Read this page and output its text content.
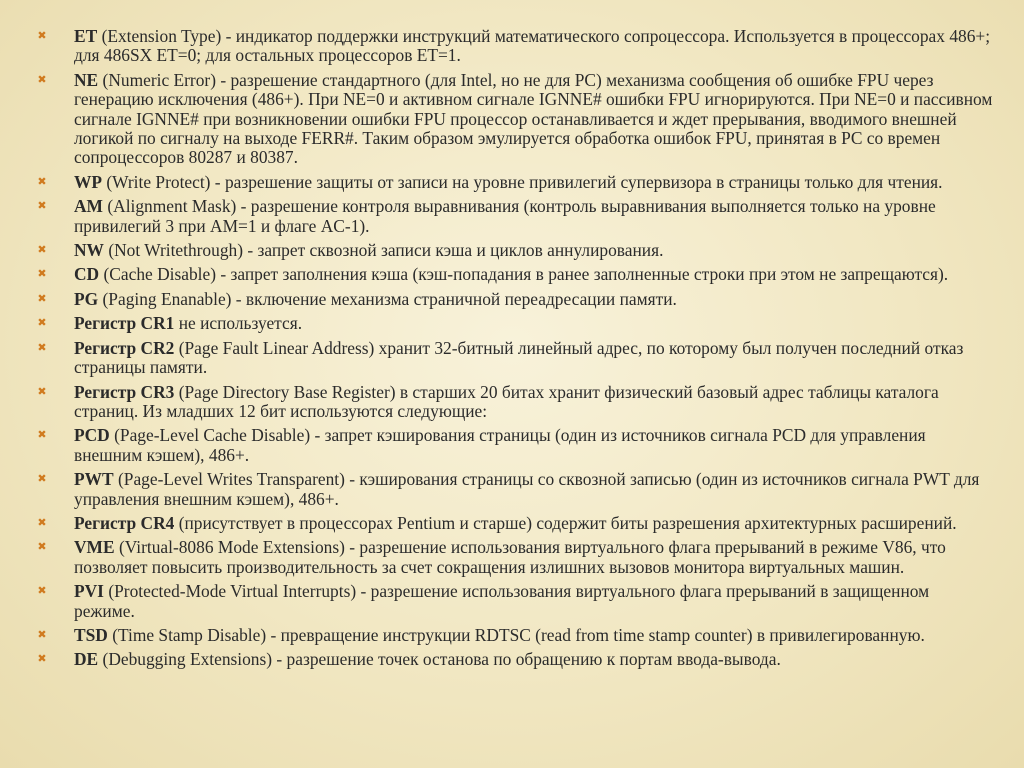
✖ ET (Extension Type) - индикатор поддержки инструкций математического сопроцессора. Используется в процессорах 486+; для 486SX ET=0; для остальных процессоров ET=1.
✖ NE (Numeric Error) - разрешение стандартного (для Intel, но не для PC) механизма сообщения об ошибке FPU через генерацию исключения (486+). При NE=0 и активном сигнале IGNNE# ошибки FPU игнорируются. При NE=0 и пассивном сигнале IGNNE# при возникновении ошибки FPU процессор останавливается и ждет прерывания, вводимого внешней логикой по сигналу на выходе FERR#. Таким образом эмулируется обработка ошибок FPU, принятая в PC со времен сопроцессоров 80287 и 80387.
✖ WP (Write Protect) - разрешение защиты от записи на уровне привилегий супервизора в страницы только для чтения.
✖ AM (Alignment Mask) - разрешение контроля выравнивания (контроль выравнивания выполняется только на уровне привилегий 3 при AM=1 и флаге AC-1).
✖ NW (Not Writethrough) - запрет сквозной записи кэша и циклов аннулирования.
✖ CD (Cache Disable) - запрет заполнения кэша (кэш-попадания в ранее заполненные строки при этом не запрещаются).
✖ PG (Paging Enanable) - включение механизма страничной переадресации памяти.
✖ Регистр CR1 не используется.
✖ Регистр CR2 (Page Fault Linear Address) хранит 32-битный линейный адрес, по которому был получен последний отказ страницы памяти.
✖ Регистр CR3 (Page Directory Base Register) в старших 20 битах хранит физический базовый адрес таблицы каталога страниц. Из младших 12 бит используются следующие:
✖ PCD (Page-Level Cache Disable) - запрет кэширования страницы (один из источников сигнала PCD для управления внешним кэшем), 486+.
✖ PWT (Page-Level Writes Transparent) - кэширования страницы со сквозной записью (один из источников сигнала PWT для управления внешним кэшем), 486+.
✖ Регистр CR4 (присутствует в процессорах Pentium и старше) содержит биты разрешения архитектурных расширений.
✖ VME (Virtual-8086 Mode Extensions) - разрешение использования виртуального флага прерываний в режиме V86, что позволяет повысить производительность за счет сокращения излишних вызовов монитора виртуальных машин.
✖ PVI (Protected-Mode Virtual Interrupts) - разрешение использования виртуального флага прерываний в защищенном режиме.
✖ TSD (Time Stamp Disable) - превращение инструкции RDTSC (read from time stamp counter) в привилегированную.
✖ DE (Debugging Extensions) - разрешение точек останова по обращению к портам ввода-вывода.
